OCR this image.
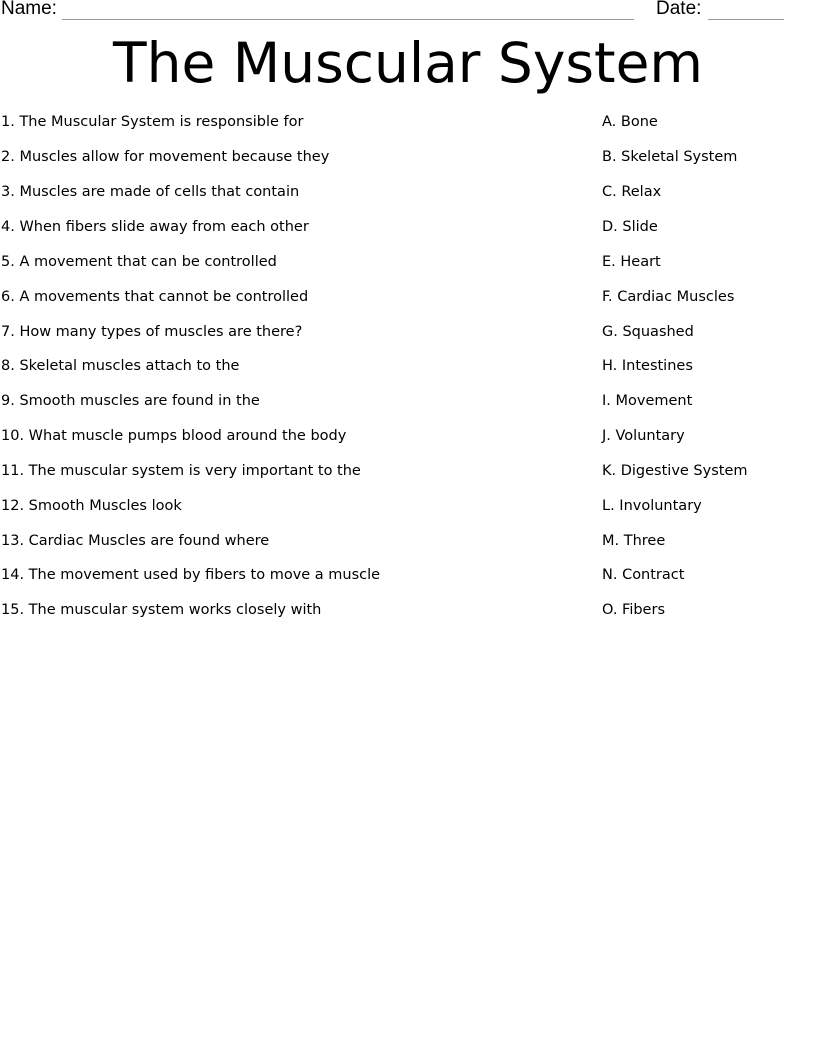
Name:	Date:
The Muscular System
1. The Muscular System is responsible for	A. Bone
2. Muscles allow for movement because they	B. Skeletal System
3. Muscles are made of cells that contain	C. Relax
4. When fibers slide away from each other	D. Slide
5. A movement that can be controlled	E. Heart
6. A movements that cannot be controlled	F. Cardiac Muscles
7. How many types of muscles are there?	G. Squashed
8. Skeletal muscles attach to the	H. Intestines
9. Smooth muscles are found in the	I. Movement
10. What muscle pumps blood around the body	J. Voluntary
11. The muscular system is very important to the	K. Digestive System
12. Smooth Muscles look	L. Involuntary
13. Cardiac Muscles are found where	M. Three
14. The movement used by fibers to move a muscle	N. Contract
15. The muscular system works closely with	O. Fibers
